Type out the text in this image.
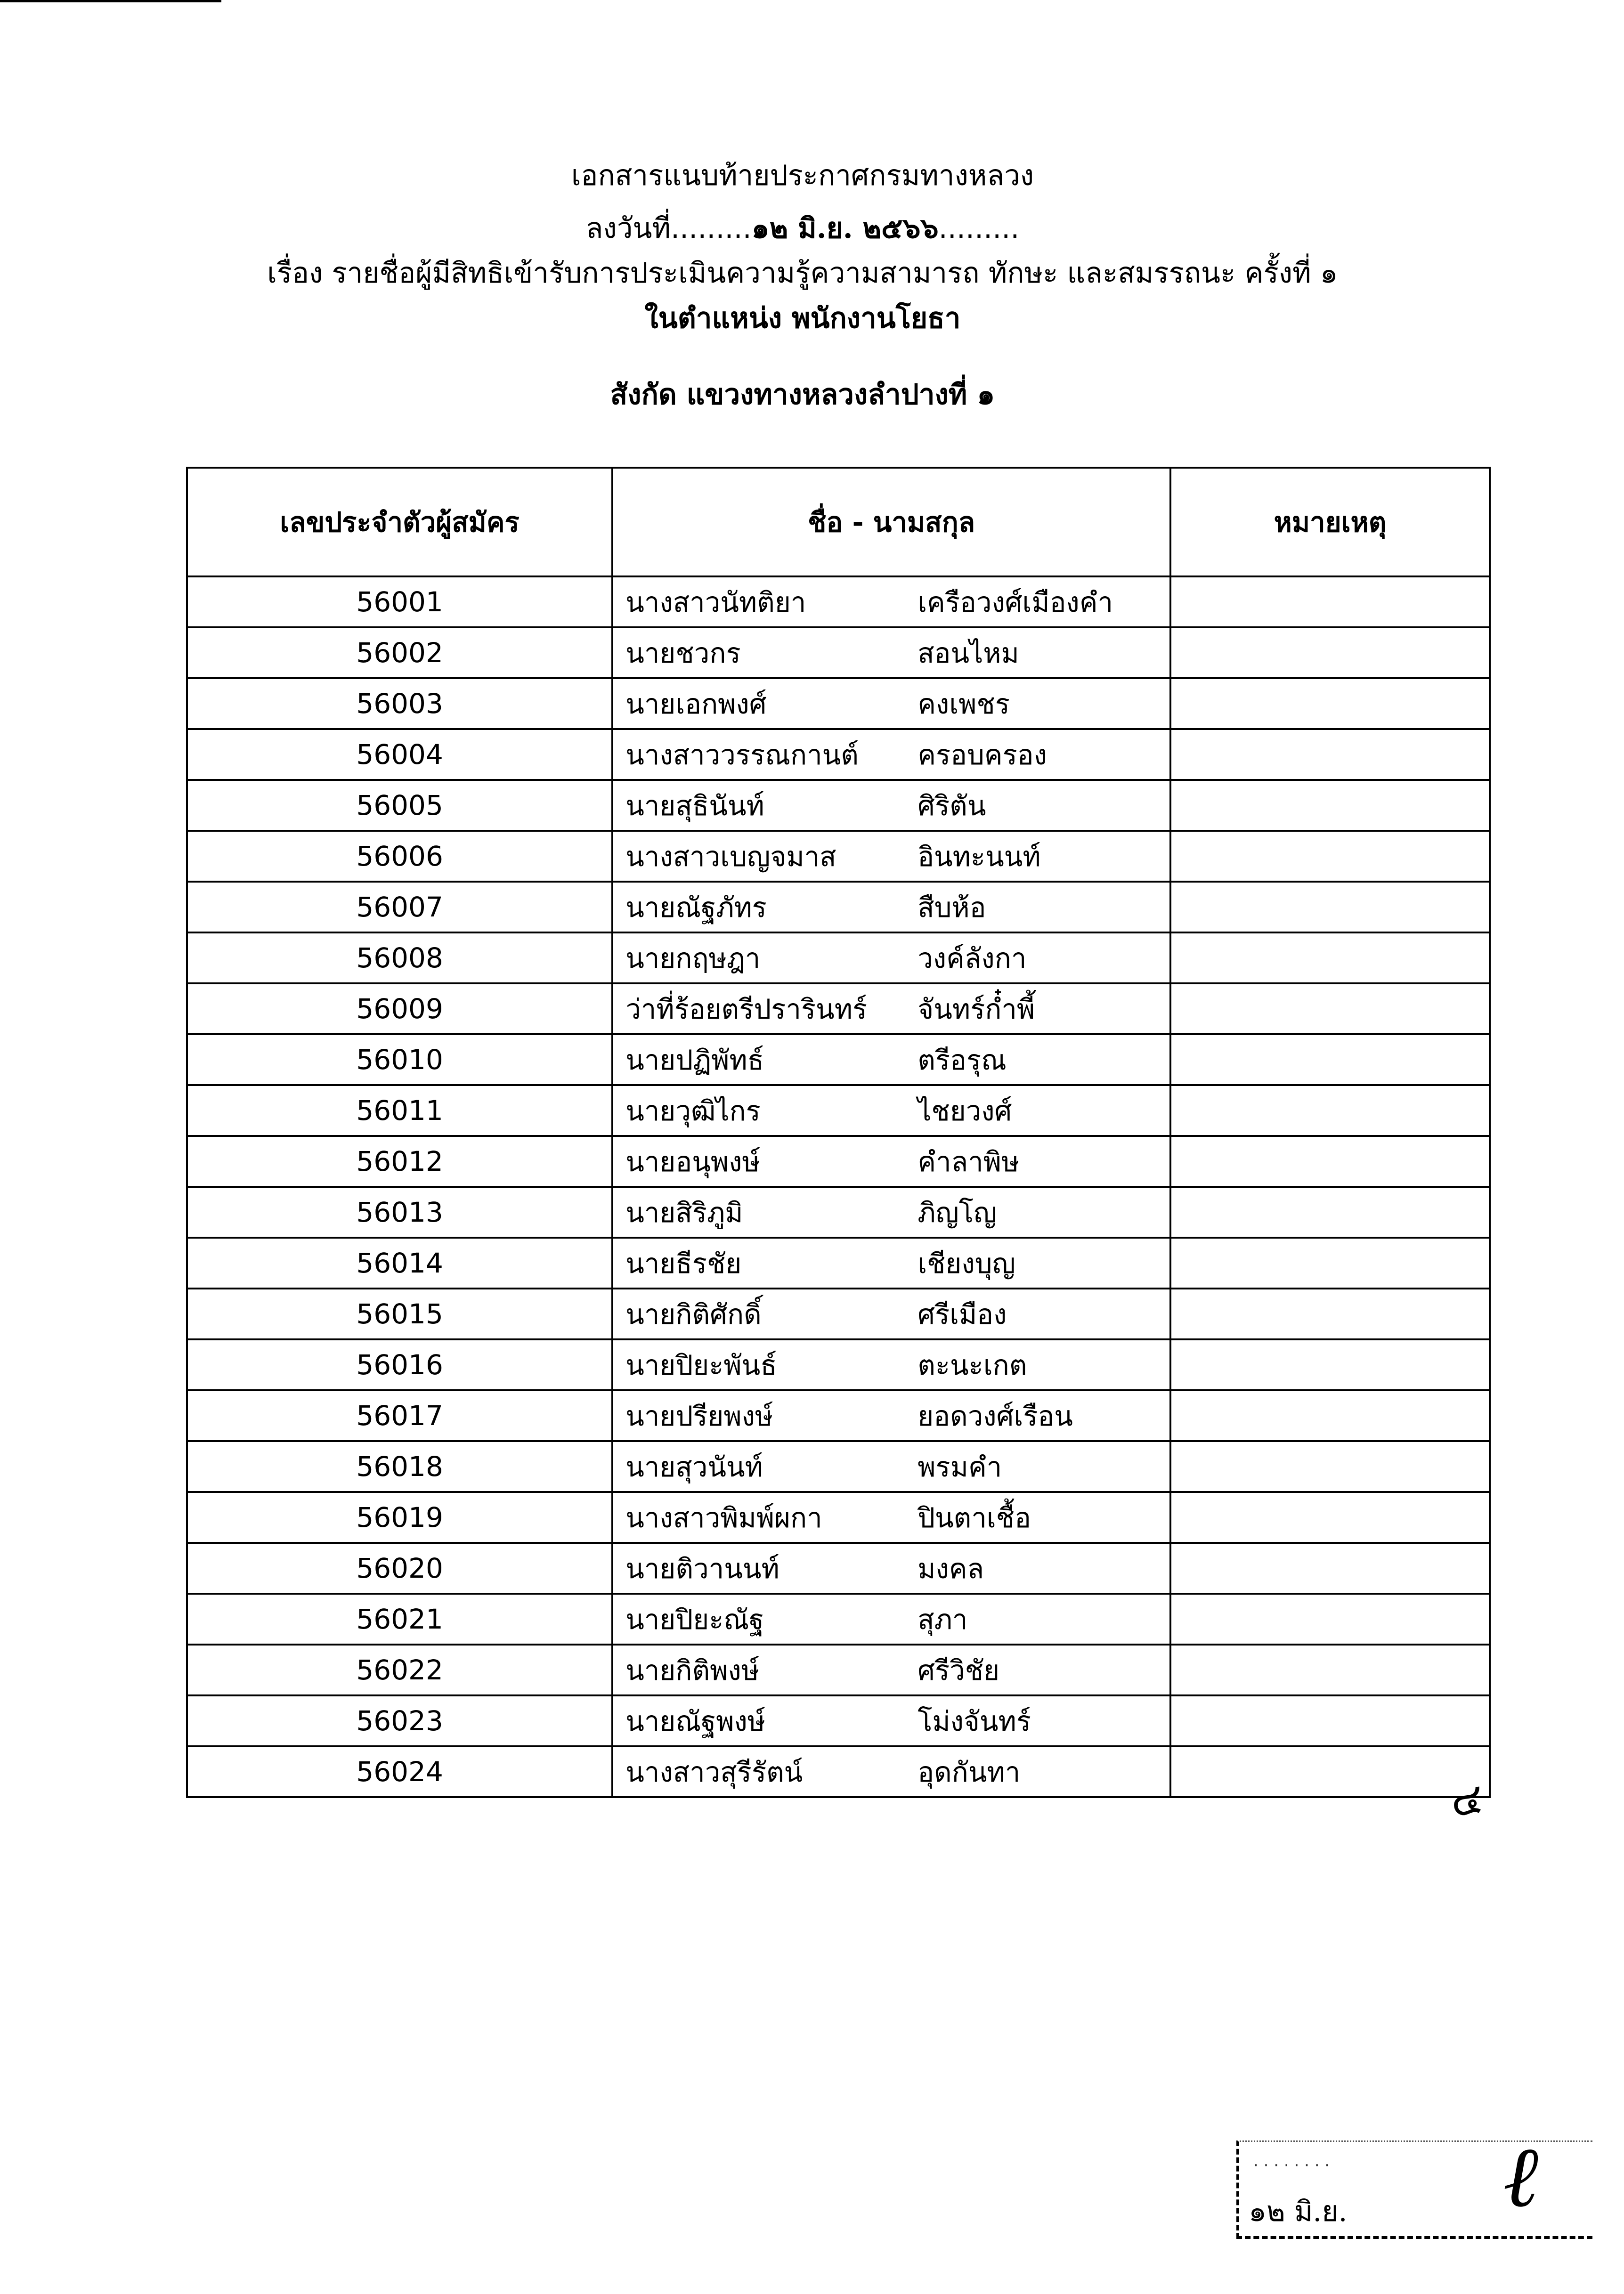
เอกสารแนบท้ายประกาศกรมทางหลวง
ลงวันที่.........๑๒ มิ.ย. ๒๕๖๖.........
เรื่อง รายชื่อผู้มีสิทธิเข้ารับการประเมินความรู้ความสามารถ ทักษะ และสมรรถนะ ครั้งที่ ๑
ในตำแหน่ง พนักงานโยธา
สังกัด แขวงทางหลวงลำปางที่ ๑
เลขประจำตัวผู้สมัคร	ชื่อ - นามสกุล	หมายเหตุ
56001	นางสาวนัทติยา เครือวงศ์เมืองคำ	
56002	นายชวกร สอนไหม	
56003	นายเอกพงศ์ คงเพชร	
56004	นางสาววรรณกานต์ ครอบครอง	
56005	นายสุธินันท์ ศิริตัน	
56006	นางสาวเบญจมาส อินทะนนท์	
56007	นายณัฐภัทร สืบห้อ	
56008	นายกฤษฎา วงค์ลังกา	
56009	ว่าที่ร้อยตรีปรารินทร์ จันทร์ก๋ำพี้	
56010	นายปฏิพัทธ์ ตรีอรุณ	
56011	นายวุฒิไกร ไชยวงศ์	
56012	นายอนุพงษ์ คำลาพิษ	
56013	นายสิริภูมิ ภิญโญ	
56014	นายธีรชัย เชียงบุญ	
56015	นายกิติศักดิ์ ศรีเมือง	
56016	นายปิยะพันธ์ ตะนะเกต	
56017	นายปรียพงษ์ ยอดวงศ์เรือน	
56018	นายสุวนันท์ พรมคำ	
56019	นางสาวพิมพ์ผกา ปินตาเชื้อ	
56020	นายติวานนท์ มงคล	
56021	นายปิยะณัฐ สุภา	
56022	นายกิติพงษ์ ศรีวิชัย	
56023	นายณัฐพงษ์ โม่งจันทร์	
56024	นางสาวสุรีรัตน์ อุดกันทา	
๔
· · · · · · · ·
๑๒ มิ.ย. ℓ
